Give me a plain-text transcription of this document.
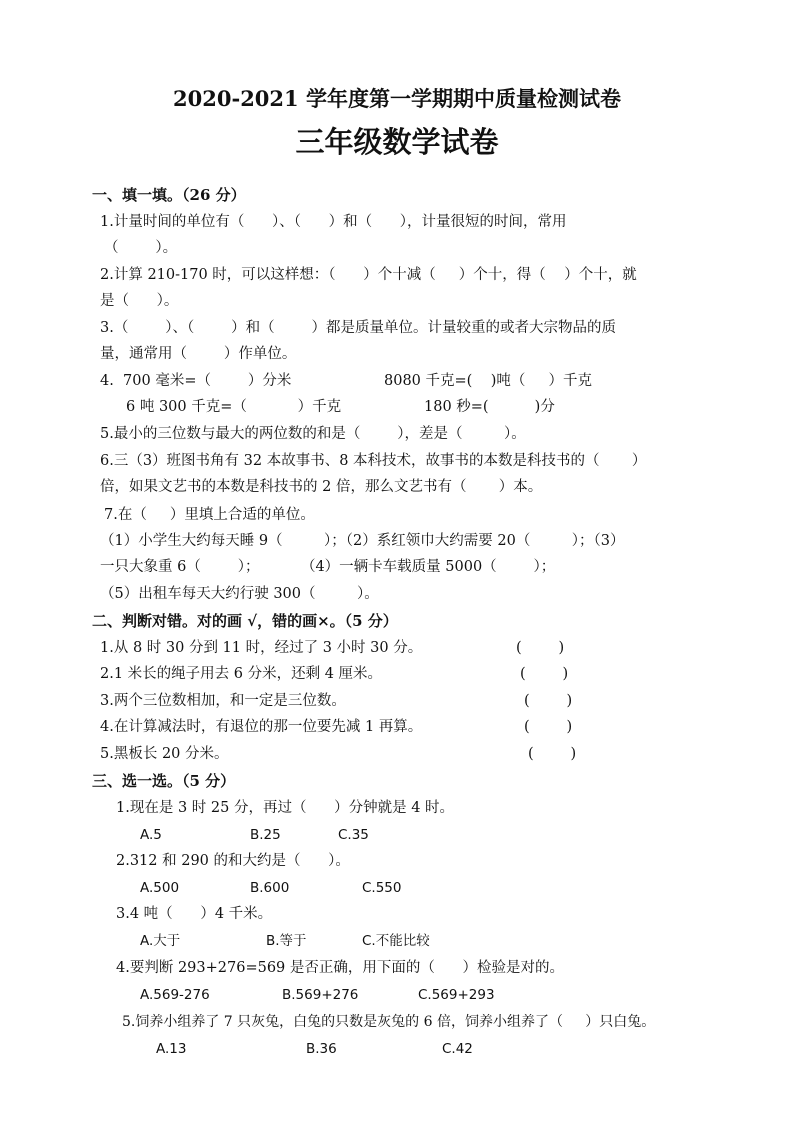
2020-2021 学年度第一学期期中质量检测试卷
三年级数学试卷
一、填一填。（26 分）
1.计量时间的单位有（      ）、（      ）和（      ），计量很短的时间，常用
（        ）。
2.计算 210-170 时，可以这样想：（      ）个十减（     ）个十，得（    ）个十，就
是（      ）。
3.（        ）、（        ）和（        ）都是质量单位。计量较重的或者大宗物品的质
量，通常用（        ）作单位。
4.  700 毫米=（        ）分米	8080 千克=(    )吨（     ）千克
6 吨 300 千克=（           ）千克	180 秒=(          )分
5.最小的三位数与最大的两位数的和是（        ），差是（         ）。
6.三（3）班图书角有 32 本故事书、8 本科技术，故事书的本数是科技书的（       ）
倍，如果文艺书的本数是科技书的 2 倍，那么文艺书有（       ）本。
7.在（     ）里填上合适的单位。
（1）小学生大约每天睡 9（         ）；（2）系红领巾大约需要 20（         ）；（3）
一只大象重 6（        ）；         （4）一辆卡车载质量 5000（        ）；
（5）出租车每天大约行驶 300（         ）。
二、判断对错。对的画 √，错的画×。（5 分）
1.从 8 时 30 分到 11 时，经过了 3 小时 30 分。	(        )
2.1 米长的绳子用去 6 分米，还剩 4 厘米。	(        )
3.两个三位数相加，和一定是三位数。	(        )
4.在计算减法时，有退位的那一位要先减 1 再算。	(        )
5.黑板长 20 分米。	(        )
三、选一选。（5 分）
1.现在是 3 时 25 分，再过（      ）分钟就是 4 时。
A.5	B.25	C.35
2.312 和 290 的和大约是（      ）。
A.500	B.600	C.550
3.4 吨（      ）4 千米。
A.大于	B.等于	C.不能比较
4.要判断 293+276=569 是否正确，用下面的（      ）检验是对的。
A.569-276	B.569+276	C.569+293
5.饲养小组养了 7 只灰兔，白兔的只数是灰兔的 6 倍，饲养小组养了（     ）只白兔。
A.13	B.36	C.42
